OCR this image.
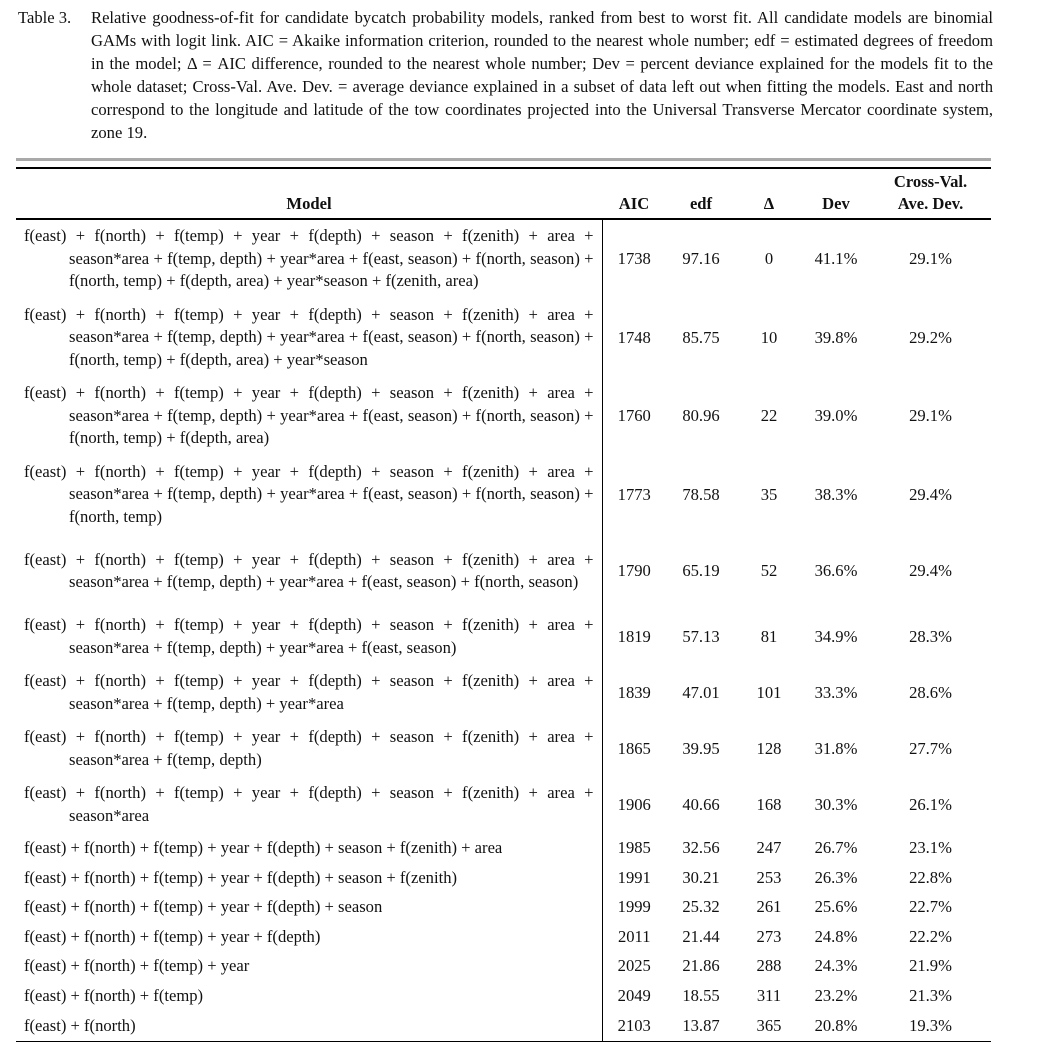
Table 3.	Relative goodness-of-fit for candidate bycatch probability models, ranked from best to worst fit. All candidate models are binomial GAMs with logit link. AIC = Akaike information criterion, rounded to the nearest whole number; edf = estimated degrees of freedom in the model; Δ = AIC difference, rounded to the nearest whole number; Dev = percent deviance explained for the models fit to the whole dataset; Cross-Val. Ave. Dev. = average deviance explained in a subset of data left out when fitting the models. East and north correspond to the longitude and latitude of the tow coordinates projected into the Universal Transverse Mercator coordinate system, zone 19.
Model	AIC	edf	Δ	Dev	Cross-Val.
Ave. Dev.

f(east) + f(north) + f(temp) + year + f(depth) + season + f(zenith) + area + season*area + f(temp, depth) + year*area + f(east, season) + f(north, season) + f(north, temp) + f(depth, area) + year*season + f(zenith, area)	1738	97.16	0	41.1%	29.1%

f(east) + f(north) + f(temp) + year + f(depth) + season + f(zenith) + area + season*area + f(temp, depth) + year*area + f(east, season) + f(north, season) + f(north, temp) + f(depth, area) + year*season	1748	85.75	10	39.8%	29.2%

f(east) + f(north) + f(temp) + year + f(depth) + season + f(zenith) + area + season*area + f(temp, depth) + year*area + f(east, season) + f(north, season) + f(north, temp) + f(depth, area)	1760	80.96	22	39.0%	29.1%

f(east) + f(north) + f(temp) + year + f(depth) + season + f(zenith) + area + season*area + f(temp, depth) + year*area + f(east, season) + f(north, season) + f(north, temp)	1773	78.58	35	38.3%	29.4%

f(east) + f(north) + f(temp) + year + f(depth) + season + f(zenith) + area + season*area + f(temp, depth) + year*area + f(east, season) + f(north, season)	1790	65.19	52	36.6%	29.4%

f(east) + f(north) + f(temp) + year + f(depth) + season + f(zenith) + area + season*area + f(temp, depth) + year*area + f(east, season)	1819	57.13	81	34.9%	28.3%

f(east) + f(north) + f(temp) + year + f(depth) + season + f(zenith) + area + season*area + f(temp, depth) + year*area	1839	47.01	101	33.3%	28.6%

f(east) + f(north) + f(temp) + year + f(depth) + season + f(zenith) + area + season*area + f(temp, depth)	1865	39.95	128	31.8%	27.7%

f(east) + f(north) + f(temp) + year + f(depth) + season + f(zenith) + area + season*area	1906	40.66	168	30.3%	26.1%

f(east) + f(north) + f(temp) + year + f(depth) + season + f(zenith) + area	1985	32.56	247	26.7%	23.1%

f(east) + f(north) + f(temp) + year + f(depth) + season + f(zenith)	1991	30.21	253	26.3%	22.8%

f(east) + f(north) + f(temp) + year + f(depth) + season	1999	25.32	261	25.6%	22.7%

f(east) + f(north) + f(temp) + year + f(depth)	2011	21.44	273	24.8%	22.2%

f(east) + f(north) + f(temp) + year	2025	21.86	288	24.3%	21.9%

f(east) + f(north) + f(temp)	2049	18.55	311	23.2%	21.3%

f(east) + f(north)	2103	13.87	365	20.8%	19.3%
